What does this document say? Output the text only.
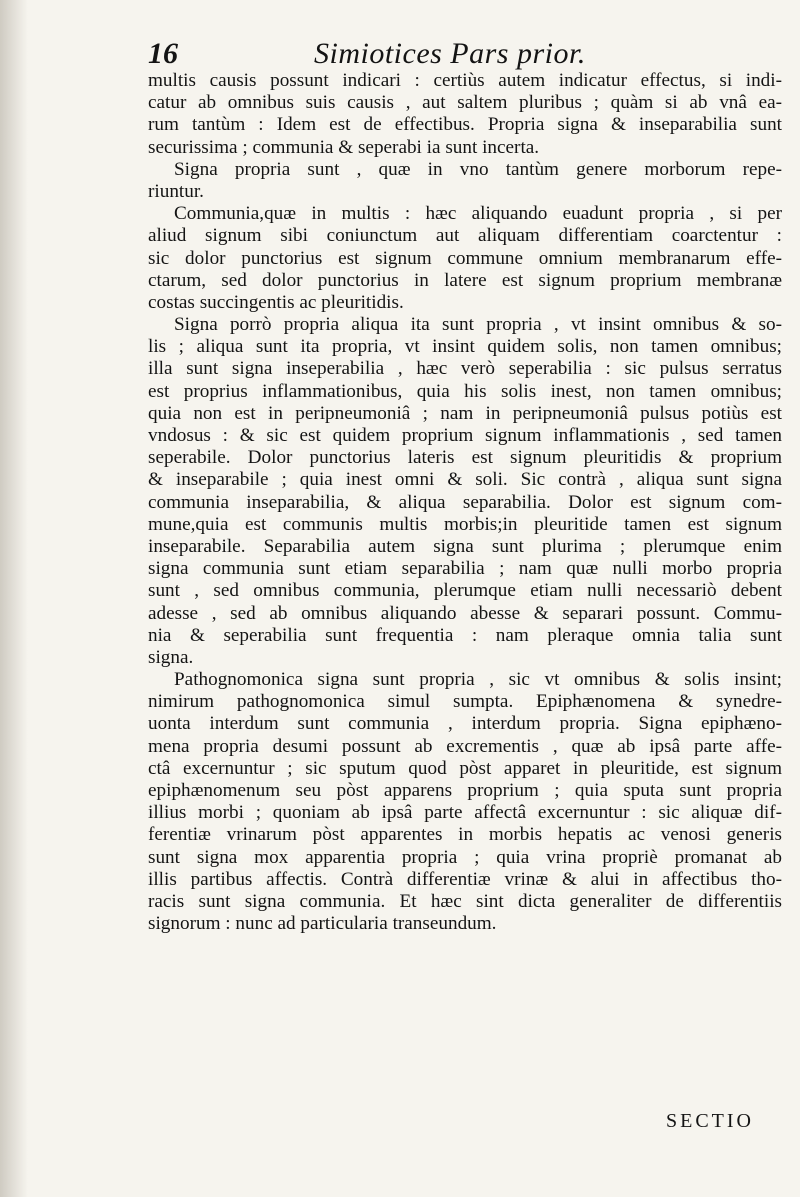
16	Simiotices Pars prior.
multis causis possunt indicari : certiùs autem indicatur effectus, si indi-
catur ab omnibus suis causis , aut saltem pluribus ; quàm si ab vnâ ea-
rum tantùm : Idem est de effectibus. Propria signa & inseparabilia sunt
securissima ; communia & seperabi ia sunt incerta.
Signa propria sunt , quæ in vno tantùm genere morborum repe-
riuntur.
Communia,quæ in multis : hæc aliquando euadunt propria , si per
aliud signum sibi coniunctum aut aliquam differentiam coarctentur :
sic dolor punctorius est signum commune omnium membranarum effe-
ctarum, sed dolor punctorius in latere est signum proprium membranæ
costas succingentis ac pleuritidis.
Signa porrò propria aliqua ita sunt propria , vt insint omnibus & so-
lis ; aliqua sunt ita propria, vt insint quidem solis, non tamen omnibus;
illa sunt signa inseperabilia , hæc verò seperabilia : sic pulsus serratus
est proprius inflammationibus, quia his solis inest, non tamen omnibus;
quia non est in peripneumoniâ ; nam in peripneumoniâ pulsus potiùs est
vndosus : & sic est quidem proprium signum inflammationis , sed tamen
seperabile. Dolor punctorius lateris est signum pleuritidis & proprium
& inseparabile ; quia inest omni & soli. Sic contrà , aliqua sunt signa
communia inseparabilia, & aliqua separabilia. Dolor est signum com-
mune,quia est communis multis morbis;in pleuritide tamen est signum
inseparabile. Separabilia autem signa sunt plurima ; plerumque enim
signa communia sunt etiam separabilia ; nam quæ nulli morbo propria
sunt , sed omnibus communia, plerumque etiam nulli necessariò debent
adesse , sed ab omnibus aliquando abesse & separari possunt. Commu-
nia & seperabilia sunt frequentia : nam pleraque omnia talia sunt
signa.
Pathognomonica signa sunt propria , sic vt omnibus & solis insint;
nimirum pathognomonica simul sumpta. Epiphænomena & synedre-
uonta interdum sunt communia , interdum propria. Signa epiphæno-
mena propria desumi possunt ab excrementis , quæ ab ipsâ parte affe-
ctâ excernuntur ; sic sputum quod pòst apparet in pleuritide, est signum
epiphænomenum seu pòst apparens proprium ; quia sputa sunt propria
illius morbi ; quoniam ab ipsâ parte affectâ excernuntur : sic aliquæ dif-
ferentiæ vrinarum pòst apparentes in morbis hepatis ac venosi generis
sunt signa mox apparentia propria ; quia vrina propriè promanat ab
illis partibus affectis. Contrà differentiæ vrinæ & alui in affectibus tho-
racis sunt signa communia. Et hæc sint dicta generaliter de differentiis
signorum : nunc ad particularia transeundum.
SECTIO
